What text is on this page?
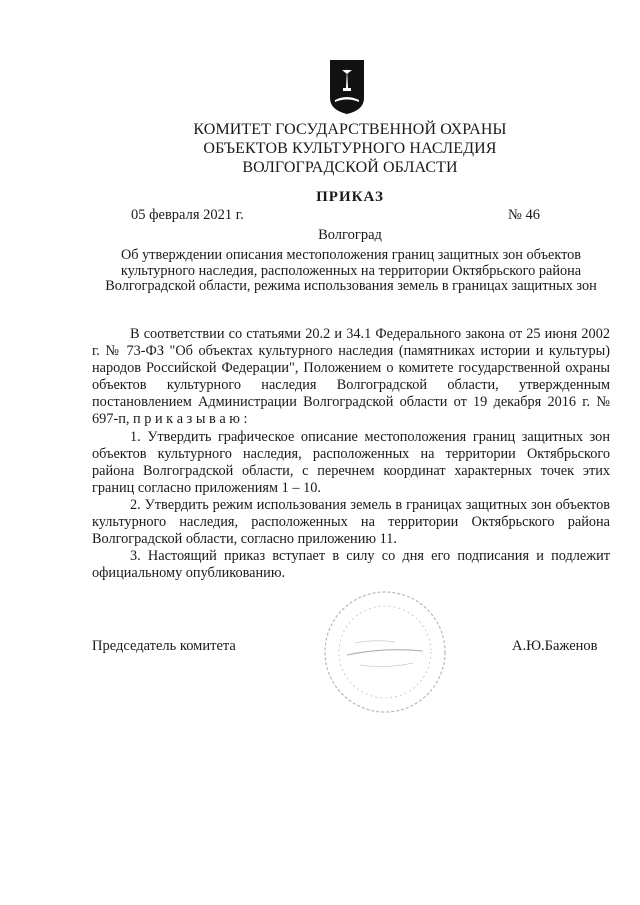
КОМИТЕТ ГОСУДАРСТВЕННОЙ ОХРАНЫ
ОБЪЕКТОВ КУЛЬТУРНОГО НАСЛЕДИЯ
ВОЛГОГРАДСКОЙ ОБЛАСТИ
ПРИКАЗ
05 февраля 2021 г.	№ 46
Волгоград
Об утверждении описания местоположения границ защитных зон объектов культурного наследия, расположенных на территории Октябрьского района Волгоградской области, режима использования земель в границах защитных зон

В соответствии со статьями 20.2 и 34.1 Федерального закона от 25 июня 2002 г. № 73-ФЗ "Об объектах культурного наследия (памятниках истории и культуры) народов Российской Федерации", Положением о комитете государственной охраны объектов культурного наследия Волгоградской области, утвержденным постановлением Администрации Волгоградской области от 19 декабря 2016 г. № 697-п, п р и к а з ы в а ю :

1. Утвердить графическое описание местоположения границ защитных зон объектов культурного наследия, расположенных на территории Октябрьского района Волгоградской области, с перечнем координат характерных точек этих границ согласно приложениям 1 – 10.

2. Утвердить режим использования земель в границах защитных зон объектов культурного наследия, расположенных на территории Октябрьского района Волгоградской области, согласно приложению 11.

3. Настоящий приказ вступает в силу со дня его подписания и подлежит официальному опубликованию.

Председатель комитета	А.Ю.Баженов
